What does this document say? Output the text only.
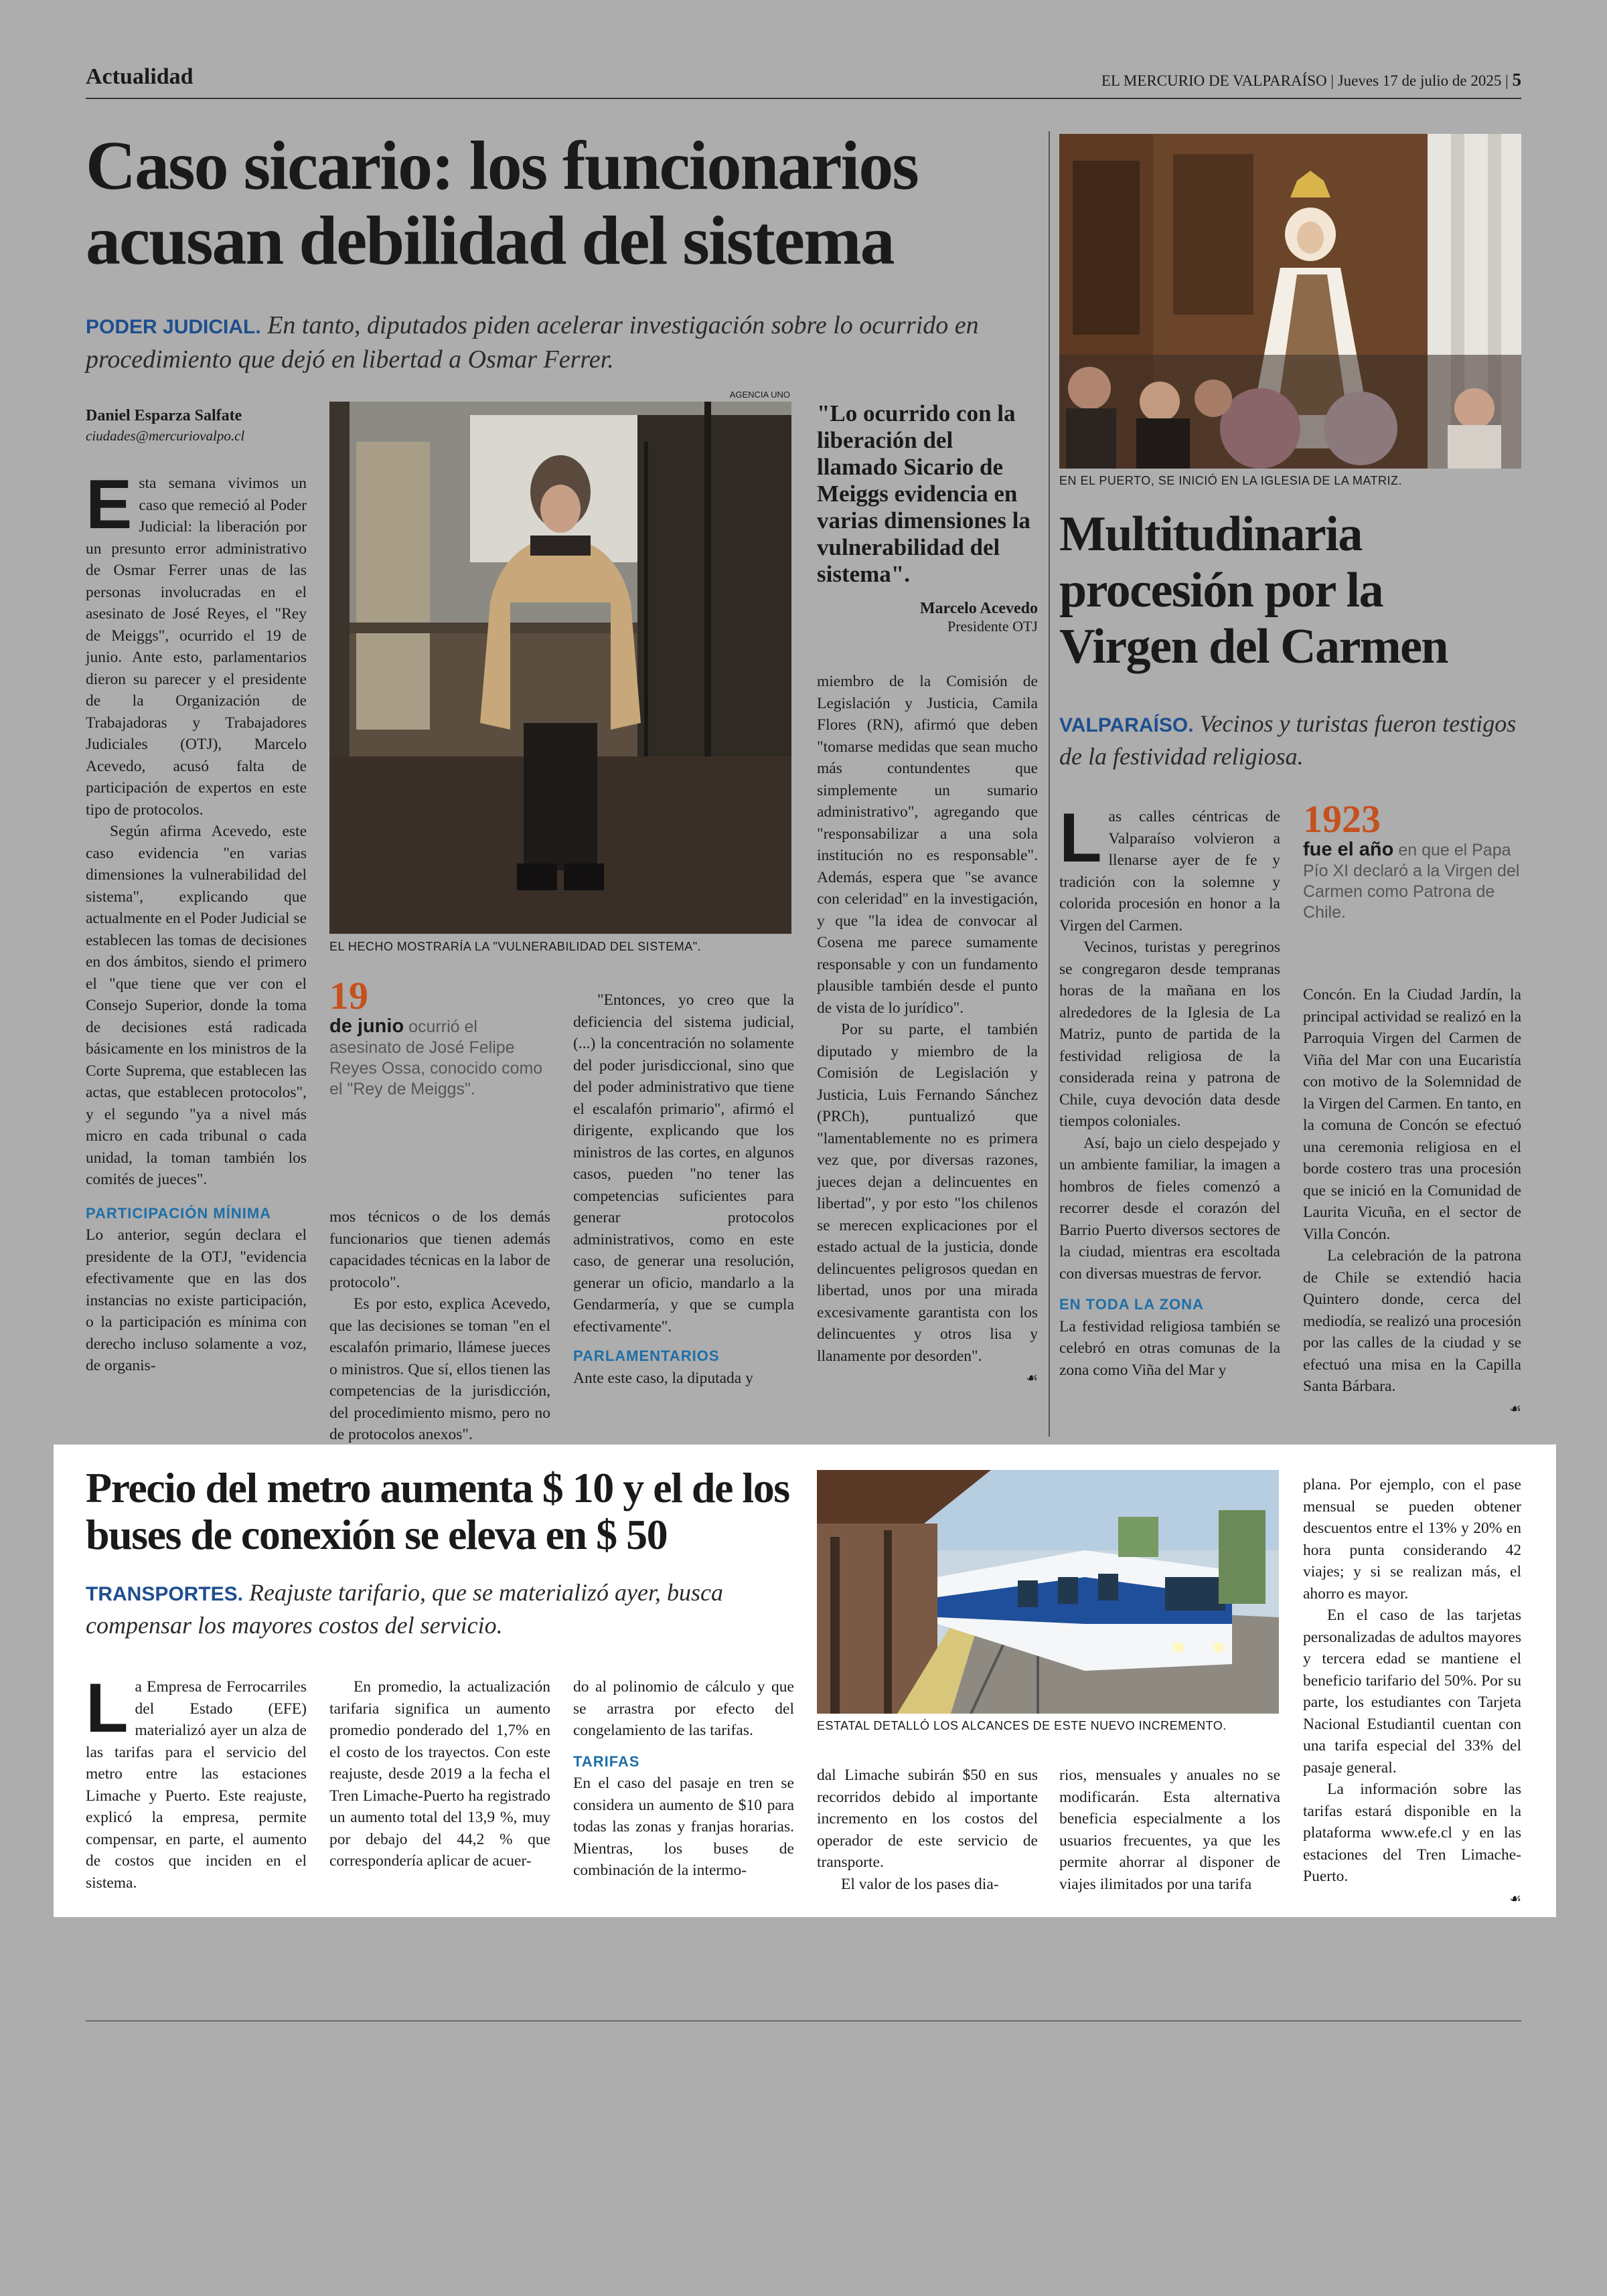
Actualidad	EL MERCURIO DE VALPARAÍSO | Jueves 17 de julio de 2025 | 5
Caso sicario: los funcionarios acusan debilidad del sistema
PODER JUDICIAL. En tanto, diputados piden acelerar investigación sobre lo ocurrido en procedimiento que dejó en libertad a Osmar Ferrer.
Daniel Esparza Salfate
ciudades@mercuriovalpo.cl

Esta semana vivimos un caso que remeció al Poder Judicial: la liberación por un presunto error administrativo de Osmar Ferrer unas de las personas involucradas en el asesinato de José Reyes, el "Rey de Meiggs", ocurrido el 19 de junio. Ante esto, parlamentarios dieron su parecer y el presidente de la Organización de Trabajadoras y Trabajadores Judiciales (OTJ), Marcelo Acevedo, acusó falta de participación de expertos en este tipo de protocolos.

Según afirma Acevedo, este caso evidencia "en varias dimensiones la vulnerabilidad del sistema", explicando que actualmente en el Poder Judicial se establecen las tomas de decisiones en dos ámbitos, siendo el primero el "que tiene que ver con el Consejo Superior, donde la toma de decisiones está radicada básicamente en los ministros de la Corte Suprema, que establecen las actas, que establecen protocolos", y el segundo "ya a nivel más micro en cada tribunal o cada unidad, la toman también los comités de jueces".

PARTICIPACIÓN MÍNIMA

Lo anterior, según declara el presidente de la OTJ, "evidencia efectivamente que en las dos instancias no existe participación, o la participación es mínima con derecho incluso solamente a voz, de organis-

AGENCIA UNO
EL HECHO MOSTRARÍA LA "VULNERABILIDAD DEL SISTEMA".
19
de junio ocurrió el asesinato de José Felipe Reyes Ossa, conocido como el "Rey de Meiggs".

mos técnicos o de los demás funcionarios que tienen además capacidades técnicas en la labor de protocolo".

Es por esto, explica Acevedo, que las decisiones se toman "en el escalafón primario, llámese jueces o ministros. Que sí, ellos tienen las competencias de la jurisdicción, del procedimiento mismo, pero no de protocolos anexos".

"Entonces, yo creo que la deficiencia del sistema judicial, (...) la concentración no solamente del poder jurisdiccional, sino que del poder administrativo que tiene el escalafón primario", afirmó el dirigente, explicando que los ministros de las cortes, en algunos casos, pueden "no tener las competencias suficientes para generar protocolos administrativos, como en este caso, de generar una resolución, generar un oficio, mandarlo a la Gendarmería, y que se cumpla efectivamente".

PARLAMENTARIOS

Ante este caso, la diputada y

"Lo ocurrido con la liberación del llamado Sicario de Meiggs evidencia en varias dimensiones la vulnerabilidad del sistema".
Marcelo Acevedo
Presidente OTJ

miembro de la Comisión de Legislación y Justicia, Camila Flores (RN), afirmó que deben "tomarse medidas que sean mucho más contundentes que simplemente un sumario administrativo", agregando que "responsabilizar a una sola institución no es responsable". Además, espera que "se avance con celeridad" en la investigación, y que "la idea de convocar al Cosena me parece sumamente responsable y con un fundamento plausible también desde el punto de vista de lo jurídico".

Por su parte, el también diputado y miembro de la Comisión de Legislación y Justicia, Luis Fernando Sánchez (PRCh), puntualizó que "lamentablemente no es primera vez que, por diversas razones, jueces dejan a delincuentes en libertad", y por esto "los chilenos se merecen explicaciones por el estado actual de la justicia, donde delincuentes peligrosos quedan en libertad, unos por una mirada excesivamente garantista con los delincuentes y otros lisa y llanamente por desorden".

☙
EN EL PUERTO, SE INICIÓ EN LA IGLESIA DE LA MATRIZ.
Multitudinaria procesión por la Virgen del Carmen
VALPARAÍSO. Vecinos y turistas fueron testigos de la festividad religiosa.

Las calles céntricas de Valparaíso volvieron a llenarse ayer de fe y tradición con la solemne y colorida procesión en honor a la Virgen del Carmen.

Vecinos, turistas y peregrinos se congregaron desde tempranas horas de la mañana en los alrededores de la Iglesia de La Matriz, punto de partida de la festividad religiosa de la considerada reina y patrona de Chile, cuya devoción data desde tiempos coloniales.

Así, bajo un cielo despejado y un ambiente familiar, la imagen a hombros de fieles comenzó a recorrer desde el corazón del Barrio Puerto diversos sectores de la ciudad, mientras era escoltada con diversas muestras de fervor.

EN TODA LA ZONA

La festividad religiosa también se celebró en otras comunas de la zona como Viña del Mar y

1923
fue el año en que el Papa Pío XI declaró a la Virgen del Carmen como Patrona de Chile.

Concón. En la Ciudad Jardín, la principal actividad se realizó en la Parroquia Virgen del Carmen de Viña del Mar con una Eucaristía con motivo de la Solemnidad de la Virgen del Carmen. En tanto, en la comuna de Concón se efectuó una ceremonia religiosa en el borde costero tras una procesión que se inició en la Comunidad de Laurita Vicuña, en el sector de Villa Concón.

La celebración de la patrona de Chile se extendió hacia Quintero donde, cerca del mediodía, se realizó una procesión por las calles de la ciudad y se efectuó una misa en la Capilla Santa Bárbara.

☙
Precio del metro aumenta $ 10 y el de los buses de conexión se eleva en $ 50
TRANSPORTES. Reajuste tarifario, que se materializó ayer, busca compensar los mayores costos del servicio.

La Empresa de Ferrocarriles del Estado (EFE) materializó ayer un alza de las tarifas para el servicio del metro entre las estaciones Limache y Puerto. Este reajuste, explicó la empresa, permite compensar, en parte, el aumento de costos que inciden en el sistema.

En promedio, la actualización tarifaria significa un aumento promedio ponderado del 1,7% en el costo de los trayectos. Con este reajuste, desde 2019 a la fecha el Tren Limache-Puerto ha registrado un aumento total del 13,9 %, muy por debajo del 44,2 % que correspondería aplicar de acuer-

do al polinomio de cálculo y que se arrastra por efecto del congelamiento de las tarifas.

TARIFAS

En el caso del pasaje en tren se considera un aumento de $10 para todas las zonas y franjas horarias. Mientras, los buses de combinación de la intermo-

ESTATAL DETALLÓ LOS ALCANCES DE ESTE NUEVO INCREMENTO.

dal Limache subirán $50 en sus recorridos debido al importante incremento en los costos del operador de este servicio de transporte.

El valor de los pases dia-

rios, mensuales y anuales no se modificarán. Esta alternativa beneficia especialmente a los usuarios frecuentes, ya que les permite ahorrar al disponer de viajes ilimitados por una tarifa

plana. Por ejemplo, con el pase mensual se pueden obtener descuentos entre el 13% y 20% en hora punta considerando 42 viajes; y si se realizan más, el ahorro es mayor.

En el caso de las tarjetas personalizadas de adultos mayores y tercera edad se mantiene el beneficio tarifario del 50%. Por su parte, los estudiantes con Tarjeta Nacional Estudiantil cuentan con una tarifa especial del 33% del pasaje general.

La información sobre las tarifas estará disponible en la plataforma www.efe.cl y en las estaciones del Tren Limache-Puerto.

☙
